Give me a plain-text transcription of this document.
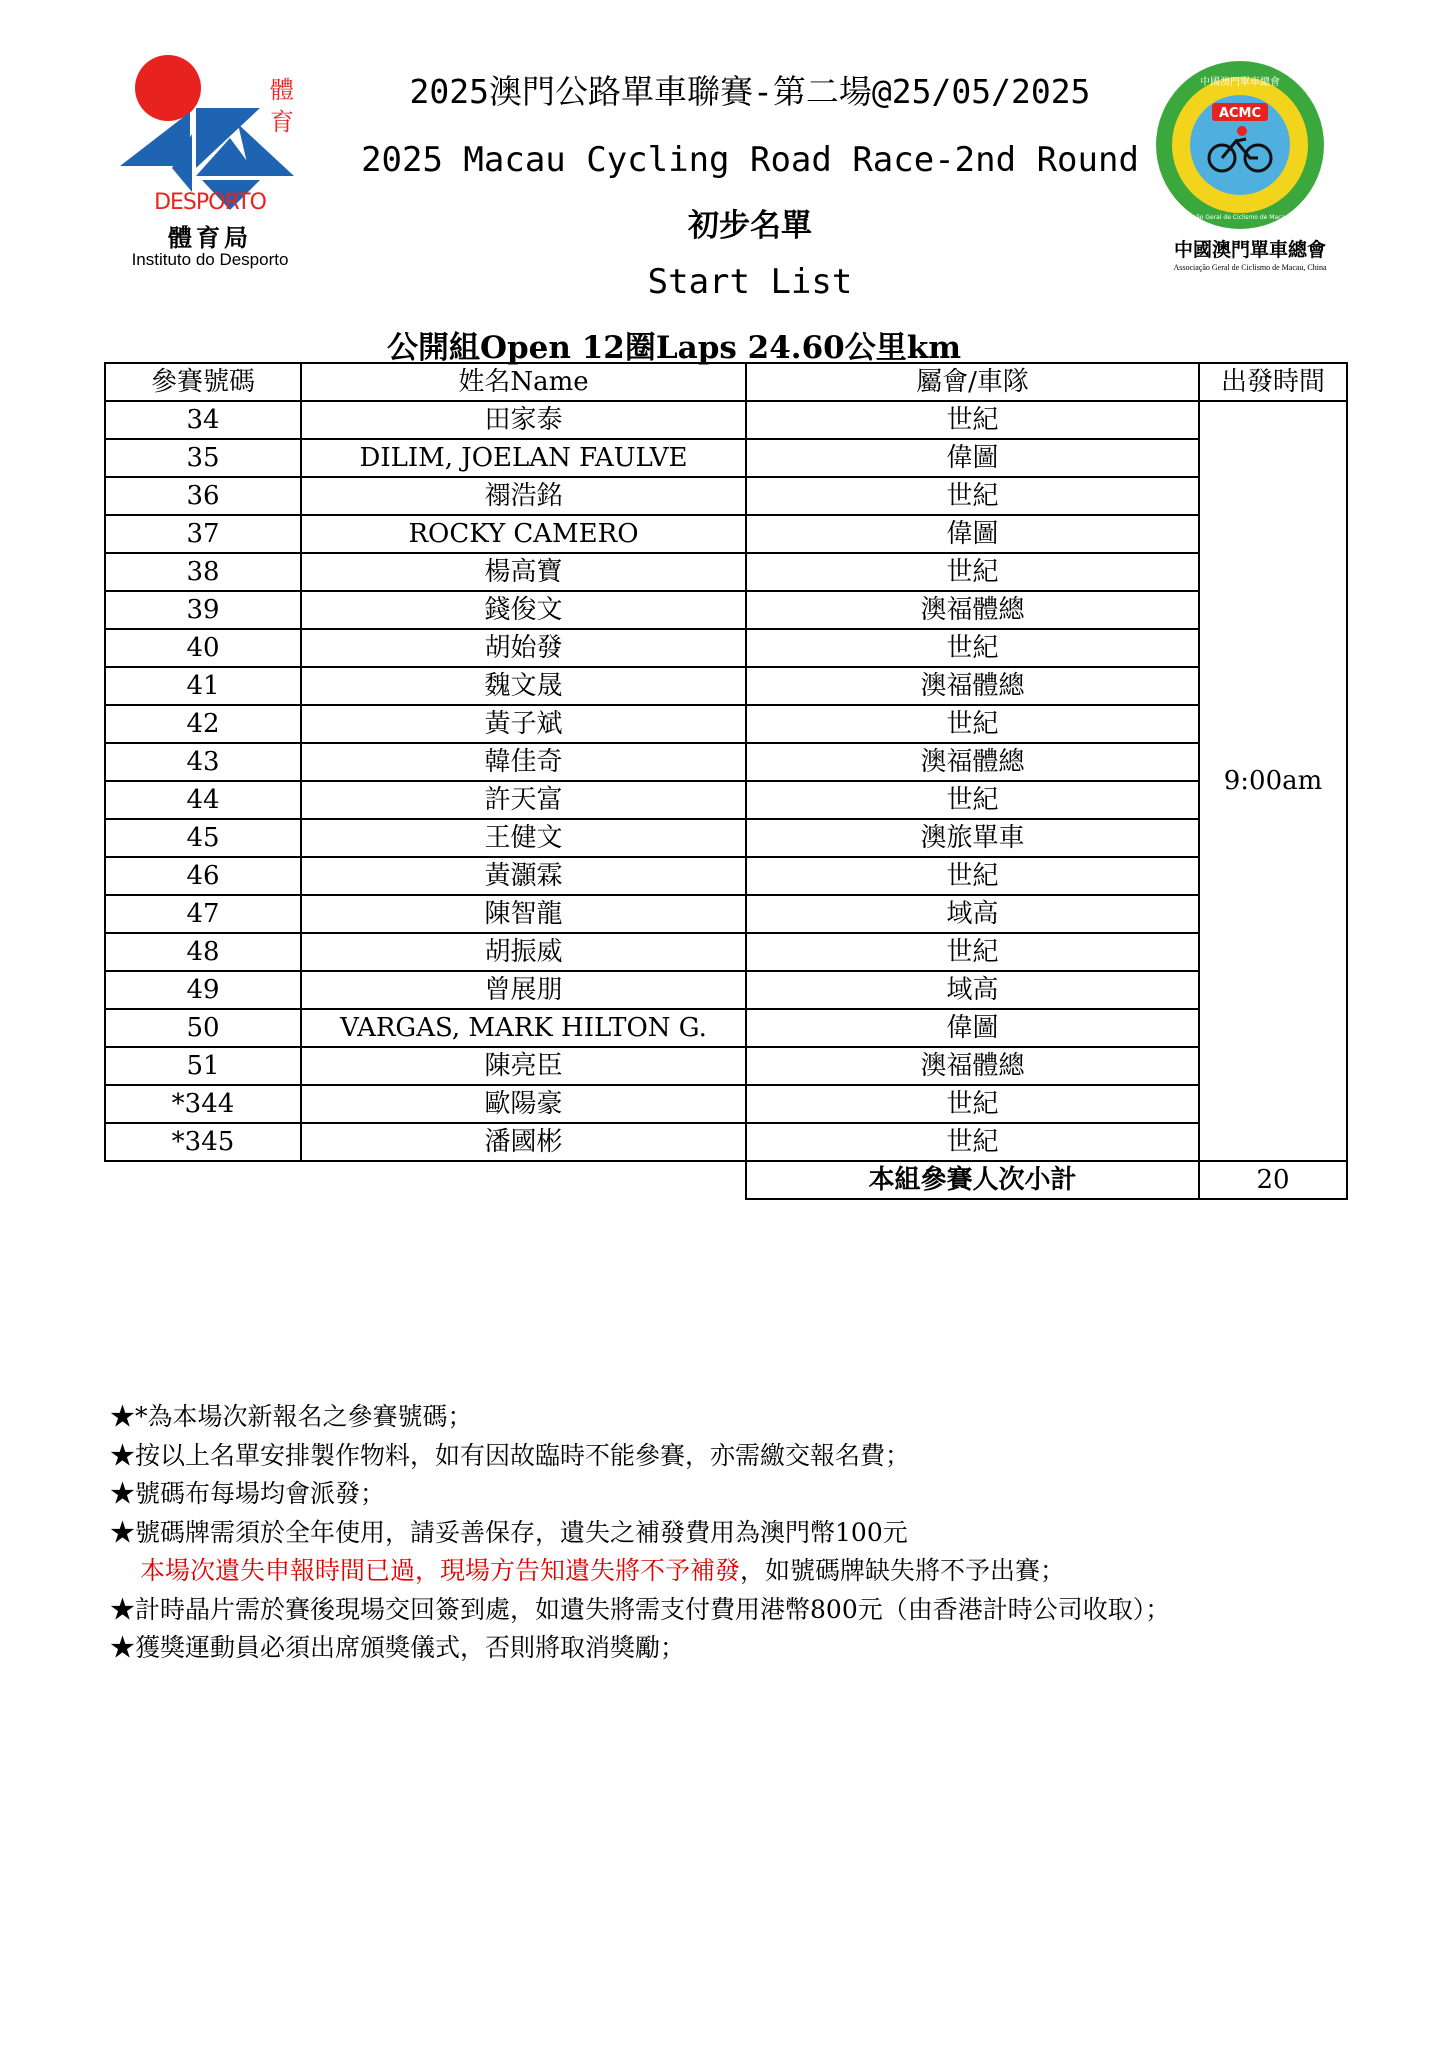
體
育
DESPORTO
體育局
Instituto do Desporto
ACMC
中國澳門單車總會
Associação Geral de Ciclismo de Macau, China
中國澳門單車總會
Associação Geral de Ciclismo de Macau, China
2025澳門公路單車聯賽-第二場@25/05/2025
2025 Macau Cycling Road Race-2nd Round
初步名單
Start List
公開組Open 12圈Laps 24.60公里km
參賽號碼	姓名Name	屬會/車隊	出發時間
34	田家泰	世紀	9:00am
35	DILIM, JOELAN FAULVE	偉圖	
36	禤浩銘	世紀	
37	ROCKY CAMERO	偉圖	
38	楊高寶	世紀	
39	錢俊文	澳福體總	
40	胡始發	世紀	
41	魏文晟	澳福體總	
42	黃子斌	世紀	
43	韓佳奇	澳福體總	
44	許天富	世紀	
45	王健文	澳旅單車	
46	黃灝霖	世紀	
47	陳智龍	域高	
48	胡振威	世紀	
49	曾展朋	域高	
50	VARGAS, MARK HILTON G.	偉圖	
51	陳亮臣	澳福體總	
*344	歐陽豪	世紀	
*345	潘國彬	世紀	
		本組參賽人次小計	20
★*為本場次新報名之參賽號碼；
★按以上名單安排製作物料，如有因故臨時不能參賽，亦需繳交報名費；
★號碼布每場均會派發；
★號碼牌需須於全年使用，請妥善保存，遺失之補發費用為澳門幣100元
本場次遺失申報時間已過，現場方告知遺失將不予補發，如號碼牌缺失將不予出賽；
★計時晶片需於賽後現場交回簽到處，如遺失將需支付費用港幣800元（由香港計時公司收取）；
★獲獎運動員必須出席頒獎儀式，否則將取消獎勵；
